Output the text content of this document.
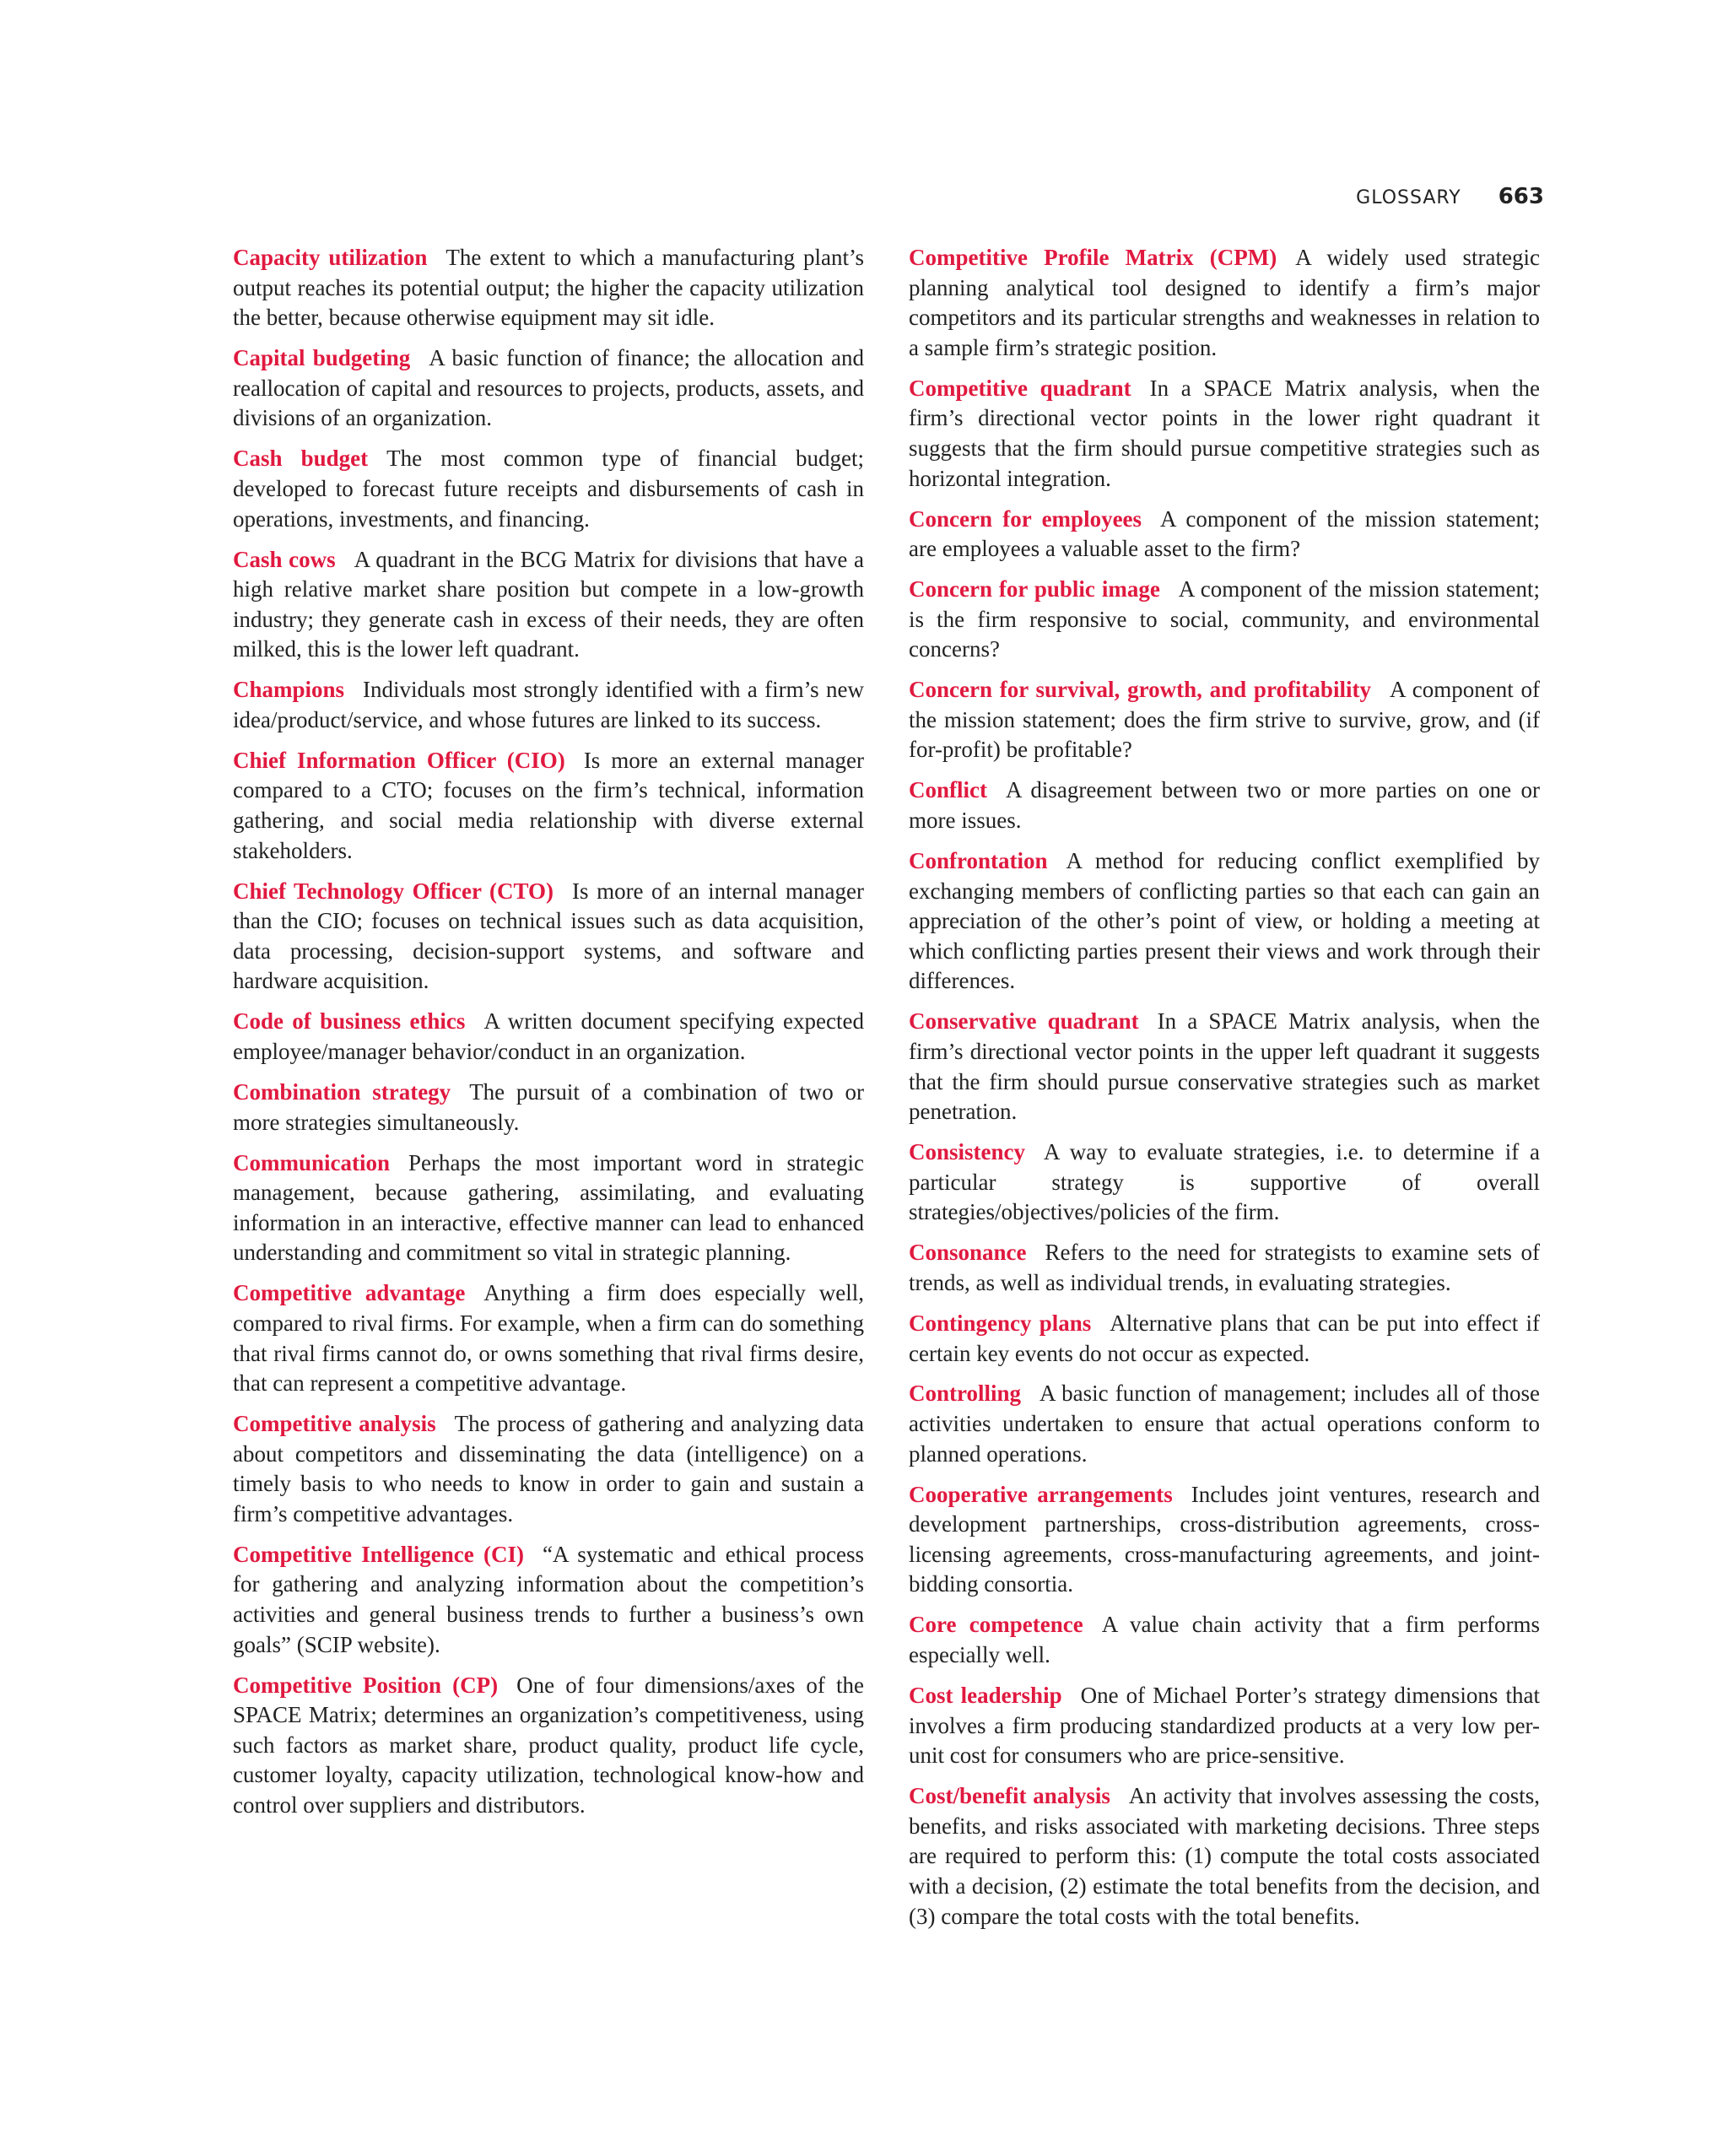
GLOSSARY 663

Capacity utilization The extent to which a manufacturing plant’s output reaches its potential output; the higher the capacity utilization the better, because otherwise equipment may sit idle.

Capital budgeting A basic function of finance; the allocation and reallocation of capital and resources to projects, products, assets, and divisions of an organization.

Cash budget The most common type of financial budget; developed to forecast future receipts and disbursements of cash in operations, investments, and financing.

Cash cows A quadrant in the BCG Matrix for divisions that have a high relative market share position but compete in a low-growth industry; they generate cash in excess of their needs, they are often milked, this is the lower left quadrant.

Champions Individuals most strongly identified with a firm’s new idea/product/service, and whose futures are linked to its success.

Chief Information Officer (CIO) Is more an external manager compared to a CTO; focuses on the firm’s technical, information gathering, and social media relationship with diverse external stakeholders.

Chief Technology Officer (CTO) Is more of an internal manager than the CIO; focuses on technical issues such as data acquisition, data processing, decision-support systems, and software and hardware acquisition.

Code of business ethics A written document specifying expected employee/manager behavior/conduct in an organization.

Combination strategy The pursuit of a combination of two or more strategies simultaneously.

Communication Perhaps the most important word in strategic management, because gathering, assimilating, and evaluating information in an interactive, effective manner can lead to enhanced understanding and commitment so vital in strategic planning.

Competitive advantage Anything a firm does especially well, compared to rival firms. For example, when a firm can do something that rival firms cannot do, or owns something that rival firms desire, that can represent a competitive advantage.

Competitive analysis The process of gathering and analyzing data about competitors and disseminating the data (intelligence) on a timely basis to who needs to know in order to gain and sustain a firm’s competitive advantages.

Competitive Intelligence (CI) “A systematic and ethical process for gathering and analyzing information about the competition’s activities and general business trends to further a business’s own goals” (SCIP website).

Competitive Position (CP) One of four dimensions/axes of the SPACE Matrix; determines an organization’s competitiveness, using such factors as market share, product quality, product life cycle, customer loyalty, capacity utilization, technological know-how and control over suppliers and distributors.

Competitive Profile Matrix (CPM) A widely used strategic planning analytical tool designed to identify a firm’s major competitors and its particular strengths and weaknesses in relation to a sample firm’s strategic position.

Competitive quadrant In a SPACE Matrix analysis, when the firm’s directional vector points in the lower right quadrant it suggests that the firm should pursue competitive strategies such as horizontal integration.

Concern for employees A component of the mission statement; are employees a valuable asset to the firm?

Concern for public image A component of the mission statement; is the firm responsive to social, community, and environmental concerns?

Concern for survival, growth, and profitability A component of the mission statement; does the firm strive to survive, grow, and (if for-profit) be profitable?

Conflict A disagreement between two or more parties on one or more issues.

Confrontation A method for reducing conflict exemplified by exchanging members of conflicting parties so that each can gain an appreciation of the other’s point of view, or holding a meeting at which conflicting parties present their views and work through their differences.

Conservative quadrant In a SPACE Matrix analysis, when the firm’s directional vector points in the upper left quadrant it suggests that the firm should pursue conservative strategies such as market penetration.

Consistency A way to evaluate strategies, i.e. to determine if a particular strategy is supportive of overall strategies/objectives/policies of the firm.

Consonance Refers to the need for strategists to examine sets of trends, as well as individual trends, in evaluating strategies.

Contingency plans Alternative plans that can be put into effect if certain key events do not occur as expected.

Controlling A basic function of management; includes all of those activities undertaken to ensure that actual operations conform to planned operations.

Cooperative arrangements Includes joint ventures, research and development partnerships, cross-distribution agreements, cross-licensing agreements, cross-manufacturing agreements, and joint-bidding consortia.

Core competence A value chain activity that a firm performs especially well.

Cost leadership One of Michael Porter’s strategy dimensions that involves a firm producing standardized products at a very low per-unit cost for consumers who are price-sensitive.

Cost/benefit analysis An activity that involves assessing the costs, benefits, and risks associated with marketing decisions. Three steps are required to perform this: (1) compute the total costs associated with a decision, (2) estimate the total benefits from the decision, and (3) compare the total costs with the total benefits.
